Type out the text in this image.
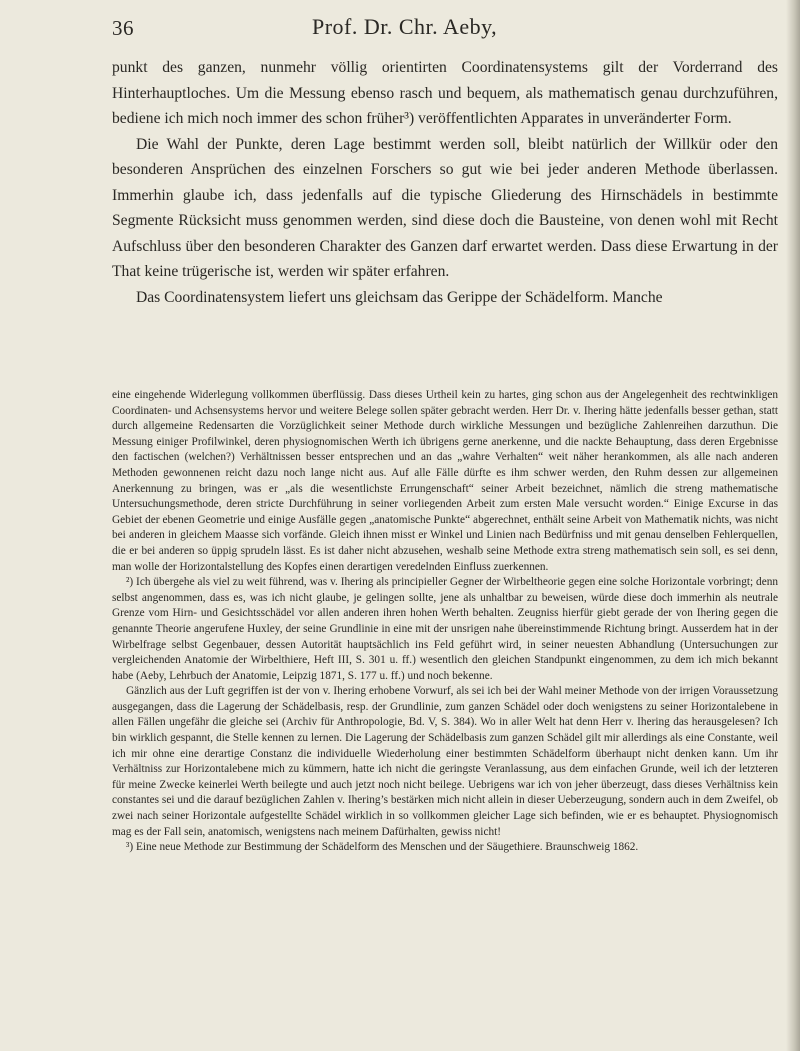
36	Prof. Dr. Chr. Aeby,

punkt des ganzen, nunmehr völlig orientirten Coordinatensystems gilt der Vorderrand des Hinterhauptloches. Um die Messung ebenso rasch und bequem, als mathematisch genau durchzuführen, bediene ich mich noch immer des schon früher³) veröffentlichten Apparates in unveränderter Form.

Die Wahl der Punkte, deren Lage bestimmt werden soll, bleibt natürlich der Willkür oder den besonderen Ansprüchen des einzelnen Forschers so gut wie bei jeder anderen Methode überlassen. Immerhin glaube ich, dass jedenfalls auf die typische Gliederung des Hirnschädels in bestimmte Segmente Rücksicht muss genommen werden, sind diese doch die Bausteine, von denen wohl mit Recht Aufschluss über den besonderen Charakter des Ganzen darf erwartet werden. Dass diese Erwartung in der That keine trügerische ist, werden wir später erfahren.

Das Coordinatensystem liefert uns gleichsam das Gerippe der Schädelform. Manche

eine eingehende Widerlegung vollkommen überflüssig. Dass dieses Urtheil kein zu hartes, ging schon aus der Angelegenheit des rechtwinkligen Coordinaten- und Achsensystems hervor und weitere Belege sollen später gebracht werden. Herr Dr. v. Ihering hätte jedenfalls besser gethan, statt durch allgemeine Redensarten die Vorzüglichkeit seiner Methode durch wirkliche Messungen und bezügliche Zahlenreihen darzuthun. Die Messung einiger Profilwinkel, deren physiognomischen Werth ich übrigens gerne anerkenne, und die nackte Behauptung, dass deren Ergebnisse den factischen (welchen?) Verhältnissen besser entsprechen und an das „wahre Verhalten“ weit näher herankommen, als alle nach anderen Methoden gewonnenen reicht dazu noch lange nicht aus. Auf alle Fälle dürfte es ihm schwer werden, den Ruhm dessen zur allgemeinen Anerkennung zu bringen, was er „als die wesentlichste Errungenschaft“ seiner Arbeit bezeichnet, nämlich die streng mathematische Untersuchungsmethode, deren stricte Durchführung in seiner vorliegenden Arbeit zum ersten Male versucht worden.“ Einige Excurse in das Gebiet der ebenen Geometrie und einige Ausfälle gegen „anatomische Punkte“ abgerechnet, enthält seine Arbeit von Mathematik nichts, was nicht bei anderen in gleichem Maasse sich vorfände. Gleich ihnen misst er Winkel und Linien nach Bedürfniss und mit genau denselben Fehlerquellen, die er bei anderen so üppig sprudeln lässt. Es ist daher nicht abzusehen, weshalb seine Methode extra streng mathematisch sein soll, es sei denn, man wolle der Horizontalstellung des Kopfes einen derartigen veredelnden Einfluss zuerkennen.

²) Ich übergehe als viel zu weit führend, was v. Ihering als principieller Gegner der Wirbeltheorie gegen eine solche Horizontale vorbringt; denn selbst angenommen, dass es, was ich nicht glaube, je gelingen sollte, jene als unhaltbar zu beweisen, würde diese doch immerhin als neutrale Grenze vom Hirn- und Gesichtsschädel vor allen anderen ihren hohen Werth behalten. Zeugniss hierfür giebt gerade der von Ihering gegen die genannte Theorie angerufene Huxley, der seine Grundlinie in eine mit der unsrigen nahe übereinstimmende Richtung bringt. Ausserdem hat in der Wirbelfrage selbst Gegenbauer, dessen Autorität hauptsächlich ins Feld geführt wird, in seiner neuesten Abhandlung (Untersuchungen zur vergleichenden Anatomie der Wirbelthiere, Heft III, S. 301 u. ff.) wesentlich den gleichen Standpunkt eingenommen, zu dem ich mich bekannt habe (Aeby, Lehrbuch der Anatomie, Leipzig 1871, S. 177 u. ff.) und noch bekenne.

Gänzlich aus der Luft gegriffen ist der von v. Ihering erhobene Vorwurf, als sei ich bei der Wahl meiner Methode von der irrigen Voraussetzung ausgegangen, dass die Lagerung der Schädelbasis, resp. der Grundlinie, zum ganzen Schädel oder doch wenigstens zu seiner Horizontalebene in allen Fällen ungefähr die gleiche sei (Archiv für Anthropologie, Bd. V, S. 384). Wo in aller Welt hat denn Herr v. Ihering das herausgelesen? Ich bin wirklich gespannt, die Stelle kennen zu lernen. Die Lagerung der Schädelbasis zum ganzen Schädel gilt mir allerdings als eine Constante, weil ich mir ohne eine derartige Constanz die individuelle Wiederholung einer bestimmten Schädelform überhaupt nicht denken kann. Um ihr Verhältniss zur Horizontalebene mich zu kümmern, hatte ich nicht die geringste Veranlassung, aus dem einfachen Grunde, weil ich der letzteren für meine Zwecke keinerlei Werth beilegte und auch jetzt noch nicht beilege. Uebrigens war ich von jeher überzeugt, dass dieses Verhältniss kein constantes sei und die darauf bezüglichen Zahlen v. Ihering’s bestärken mich nicht allein in dieser Ueberzeugung, sondern auch in dem Zweifel, ob zwei nach seiner Horizontale aufgestellte Schädel wirklich in so vollkommen gleicher Lage sich befinden, wie er es behauptet. Physiognomisch mag es der Fall sein, anatomisch, wenigstens nach meinem Dafürhalten, gewiss nicht!

³) Eine neue Methode zur Bestimmung der Schädelform des Menschen und der Säugethiere. Braunschweig 1862.
